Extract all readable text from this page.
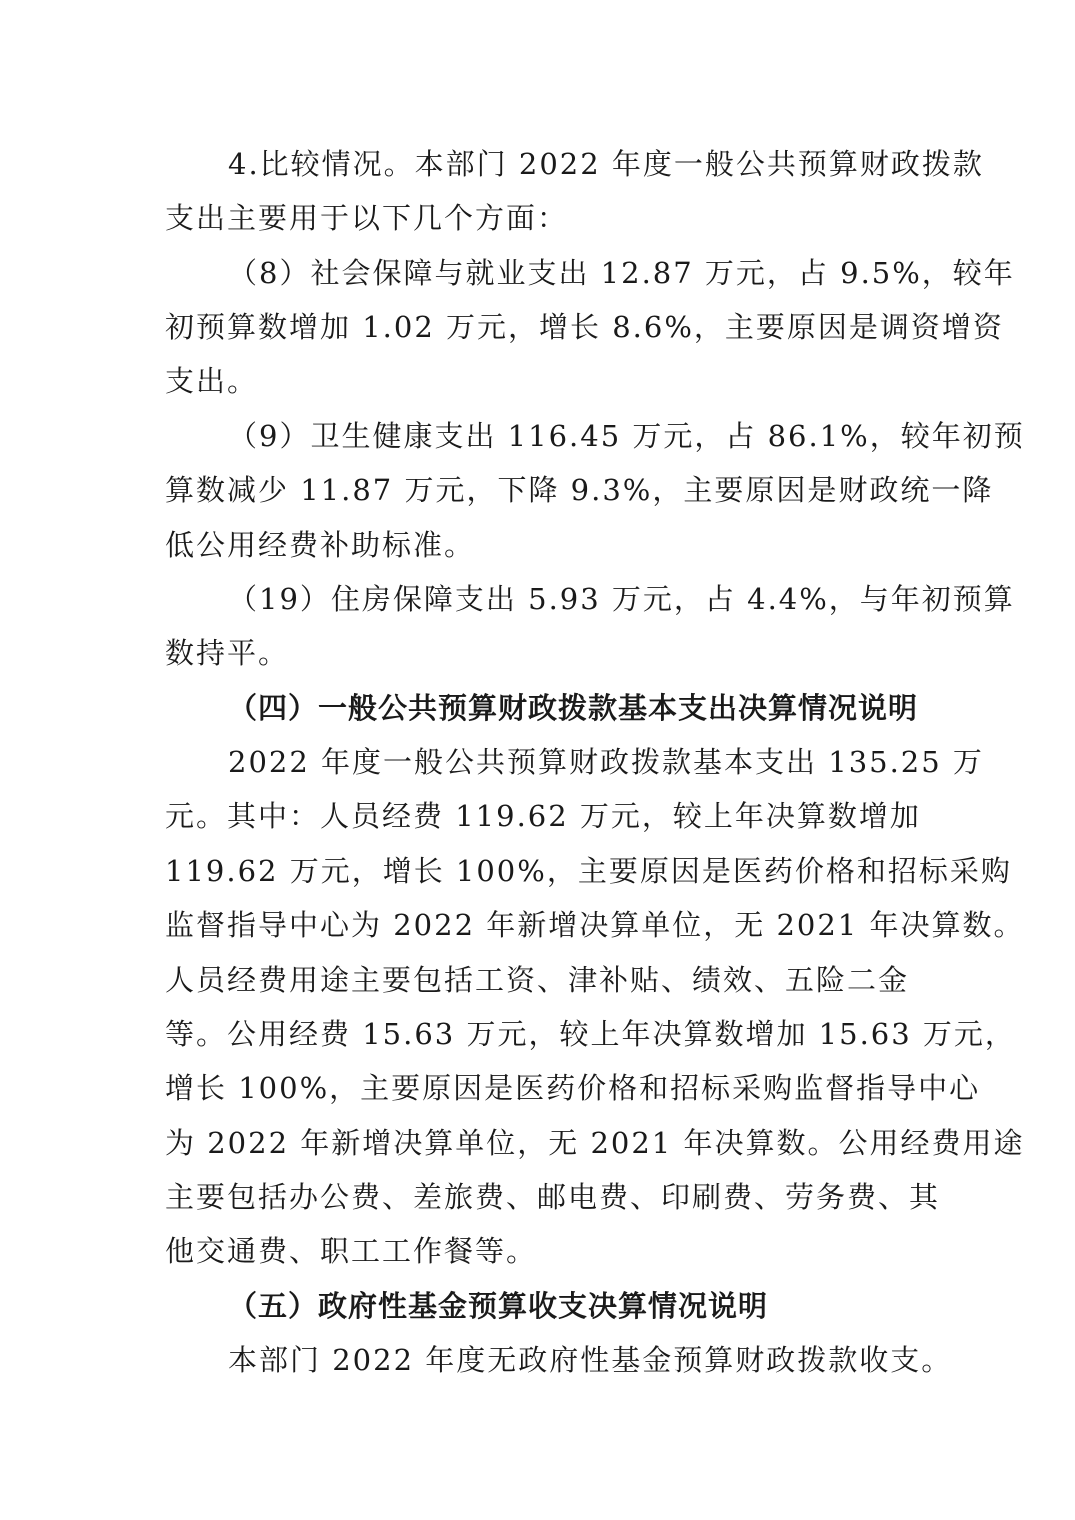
4.比较情况。本部门 2022 年度一般公共预算财政拨款
支出主要用于以下几个方面：
（8）社会保障与就业支出 12.87 万元，占 9.5%，较年
初预算数增加 1.02 万元，增长 8.6%，主要原因是调资增资
支出。
（9）卫生健康支出 116.45 万元，占 86.1%，较年初预
算数减少 11.87 万元，下降 9.3%，主要原因是财政统一降
低公用经费补助标准。
（19）住房保障支出 5.93 万元，占 4.4%，与年初预算
数持平。
（四）一般公共预算财政拨款基本支出决算情况说明
2022 年度一般公共预算财政拨款基本支出 135.25 万
元。其中：人员经费 119.62 万元，较上年决算数增加
119.62 万元，增长 100%，主要原因是医药价格和招标采购
监督指导中心为 2022 年新增决算单位，无 2021 年决算数。
人员经费用途主要包括工资、津补贴、绩效、五险二金
等。公用经费 15.63 万元，较上年决算数增加 15.63 万元，
增长 100%，主要原因是医药价格和招标采购监督指导中心
为 2022 年新增决算单位，无 2021 年决算数。公用经费用途
主要包括办公费、差旅费、邮电费、印刷费、劳务费、其
他交通费、职工工作餐等。
（五）政府性基金预算收支决算情况说明
本部门 2022 年度无政府性基金预算财政拨款收支。
